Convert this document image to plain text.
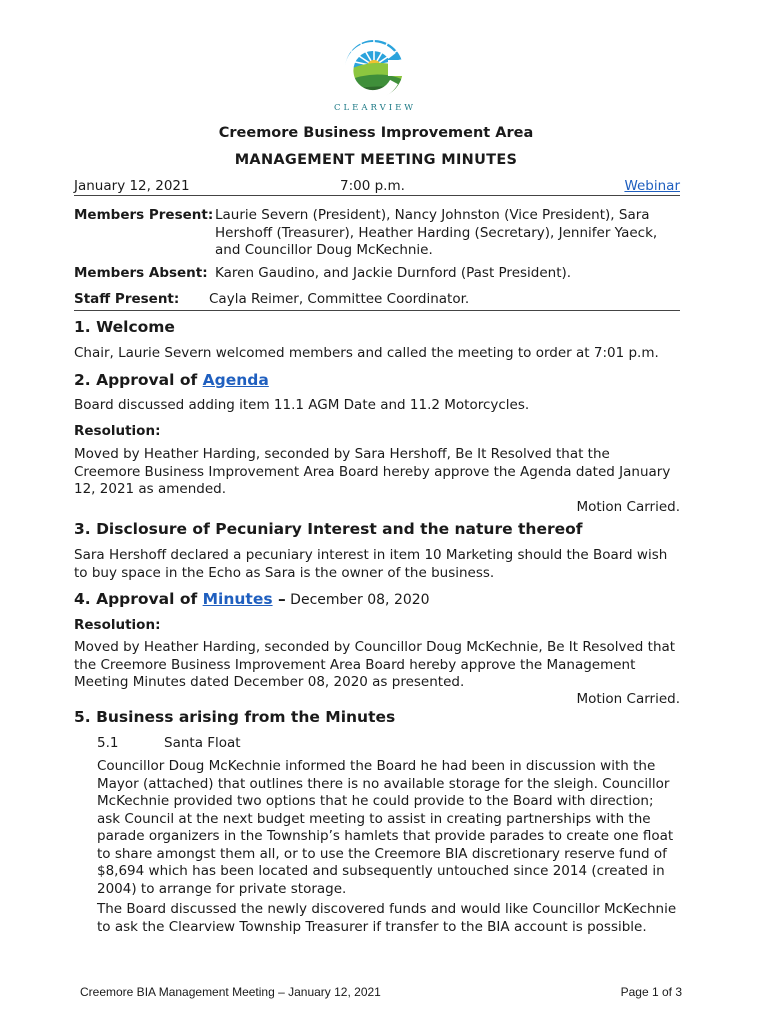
CLEARVIEW
Creemore Business Improvement Area
MANAGEMENT MEETING MINUTES
January 12, 2021	7:00 p.m.	Webinar
Members Present: Laurie Severn (President), Nancy Johnston (Vice President), Sara Hershoff (Treasurer), Heather Harding (Secretary), Jennifer Yaeck, and Councillor Doug McKechnie.
Members Absent: Karen Gaudino, and Jackie Durnford (Past President).
Staff Present: Cayla Reimer, Committee Coordinator.
1. Welcome
Chair, Laurie Severn welcomed members and called the meeting to order at 7:01 p.m.
2. Approval of Agenda
Board discussed adding item 11.1 AGM Date and 11.2 Motorcycles.
Resolution:
Moved by Heather Harding, seconded by Sara Hershoff, Be It Resolved that the Creemore Business Improvement Area Board hereby approve the Agenda dated January 12, 2021 as amended.
Motion Carried.
3. Disclosure of Pecuniary Interest and the nature thereof
Sara Hershoff declared a pecuniary interest in item 10 Marketing should the Board wish to buy space in the Echo as Sara is the owner of the business.
4. Approval of Minutes – December 08, 2020
Resolution:
Moved by Heather Harding, seconded by Councillor Doug McKechnie, Be It Resolved that the Creemore Business Improvement Area Board hereby approve the Management Meeting Minutes dated December 08, 2020 as presented.
Motion Carried.
5. Business arising from the Minutes
5.1	Santa Float
Councillor Doug McKechnie informed the Board he had been in discussion with the Mayor (attached) that outlines there is no available storage for the sleigh. Councillor McKechnie provided two options that he could provide to the Board with direction; ask Council at the next budget meeting to assist in creating partnerships with the parade organizers in the Township’s hamlets that provide parades to create one float to share amongst them all, or to use the Creemore BIA discretionary reserve fund of $8,694 which has been located and subsequently untouched since 2014 (created in 2004) to arrange for private storage.
The Board discussed the newly discovered funds and would like Councillor McKechnie to ask the Clearview Township Treasurer if transfer to the BIA account is possible.
Creemore BIA Management Meeting – January 12, 2021	Page 1 of 3
